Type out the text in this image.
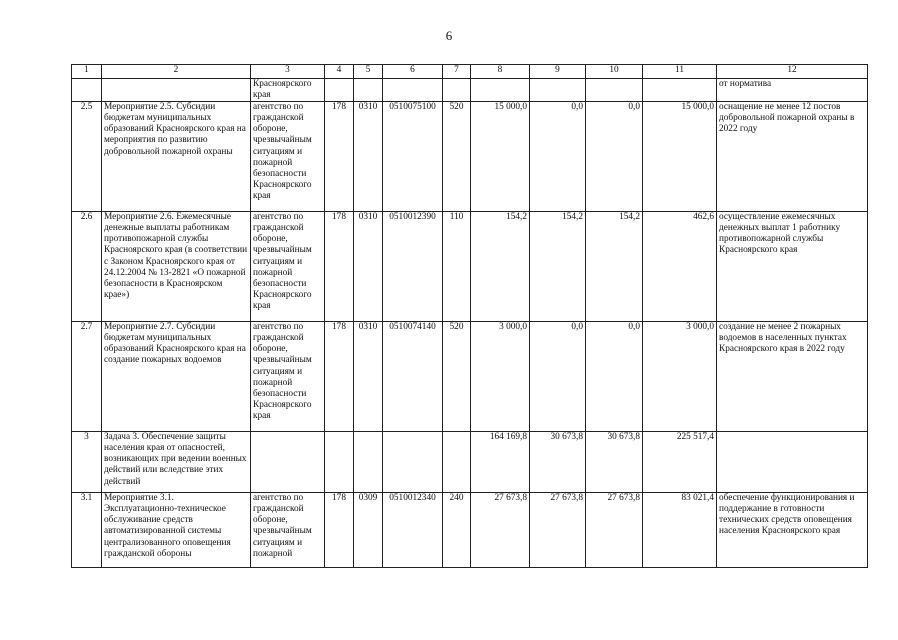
6
1	2	3	4	5	6	7	8	9	10	11	12
		Красноярского края									от норматива
2.5	Мероприятие 2.5. Субсидии бюджетам муниципальных образований Красноярского края на мероприятия по развитию добровольной пожарной охраны	агентство по гражданской обороне, чрезвычайным ситуациям и пожарной безопасности Красноярского края	178	0310	0510075100	520	15 000,0	0,0	0,0	15 000,0	оснащение не менее 12 постов добровольной пожарной охраны в 2022 году
2.6	Мероприятие 2.6. Ежемесячные денежные выплаты работникам противопожарной службы Красноярского края (в соответствии с Законом Красноярского края от 24.12.2004 № 13-2821 «О пожарной безопасности в Красноярском крае»)	агентство по гражданской обороне, чрезвычайным ситуациям и пожарной безопасности Красноярского края	178	0310	0510012390	110	154,2	154,2	154,2	462,6	осуществление ежемесячных денежных выплат 1 работнику противопожарной службы Красноярского края
2.7	Мероприятие 2.7. Субсидии бюджетам муниципальных образований Красноярского края на создание пожарных водоемов	агентство по гражданской обороне, чрезвычайным ситуациям и пожарной безопасности Красноярского края	178	0310	0510074140	520	3 000,0	0,0	0,0	3 000,0	создание не менее 2 пожарных водоемов в населенных пунктах Красноярского края в 2022 году
3	Задача 3. Обеспечение защиты населения края от опасностей, возникающих при ведении военных действий или вследствие этих действий						164 169,8	30 673,8	30 673,8	225 517,4	
3.1	Мероприятие 3.1. Эксплуатационно-техническое обслуживание средств автоматизированной системы централизованного оповещения гражданской обороны	агентство по гражданской обороне, чрезвычайным ситуациям и пожарной	178	0309	0510012340	240	27 673,8	27 673,8	27 673,8	83 021,4	обеспечение функционирования и поддержание в готовности технических средств оповещения населения Красноярского края
